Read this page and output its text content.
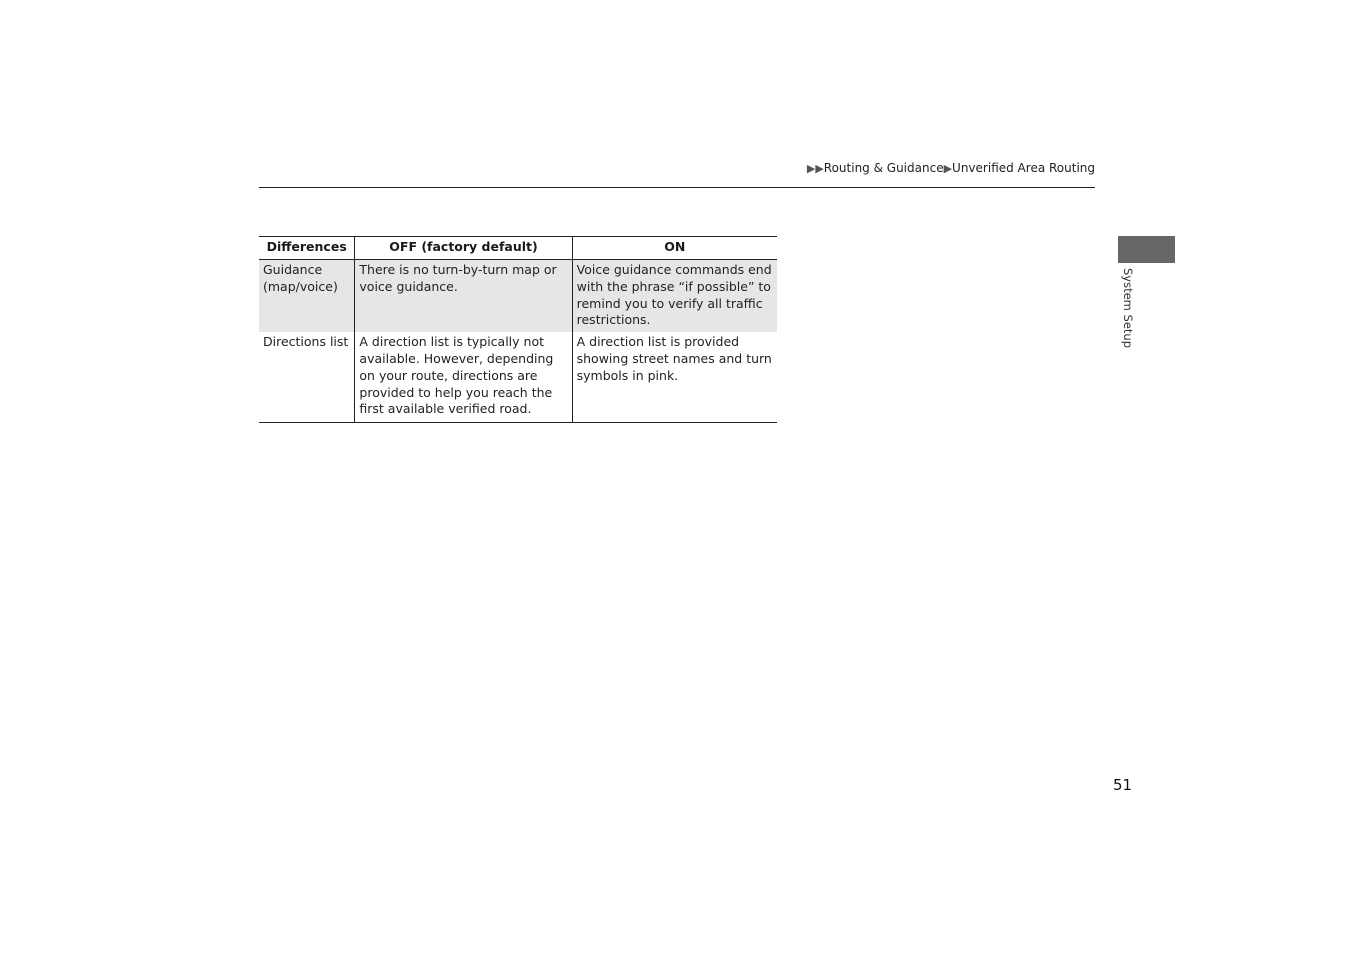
▶▶Routing & Guidance▶Unverified Area Routing
Differences	OFF (factory default)	ON
Guidance (map/voice)	There is no turn-by-turn map or voice guidance.	Voice guidance commands end with the phrase “if possible” to remind you to verify all traffic restrictions.
Directions list	A direction list is typically not available. However, depending on your route, directions are provided to help you reach the first available verified road.	A direction list is provided showing street names and turn symbols in pink.
System Setup
51
